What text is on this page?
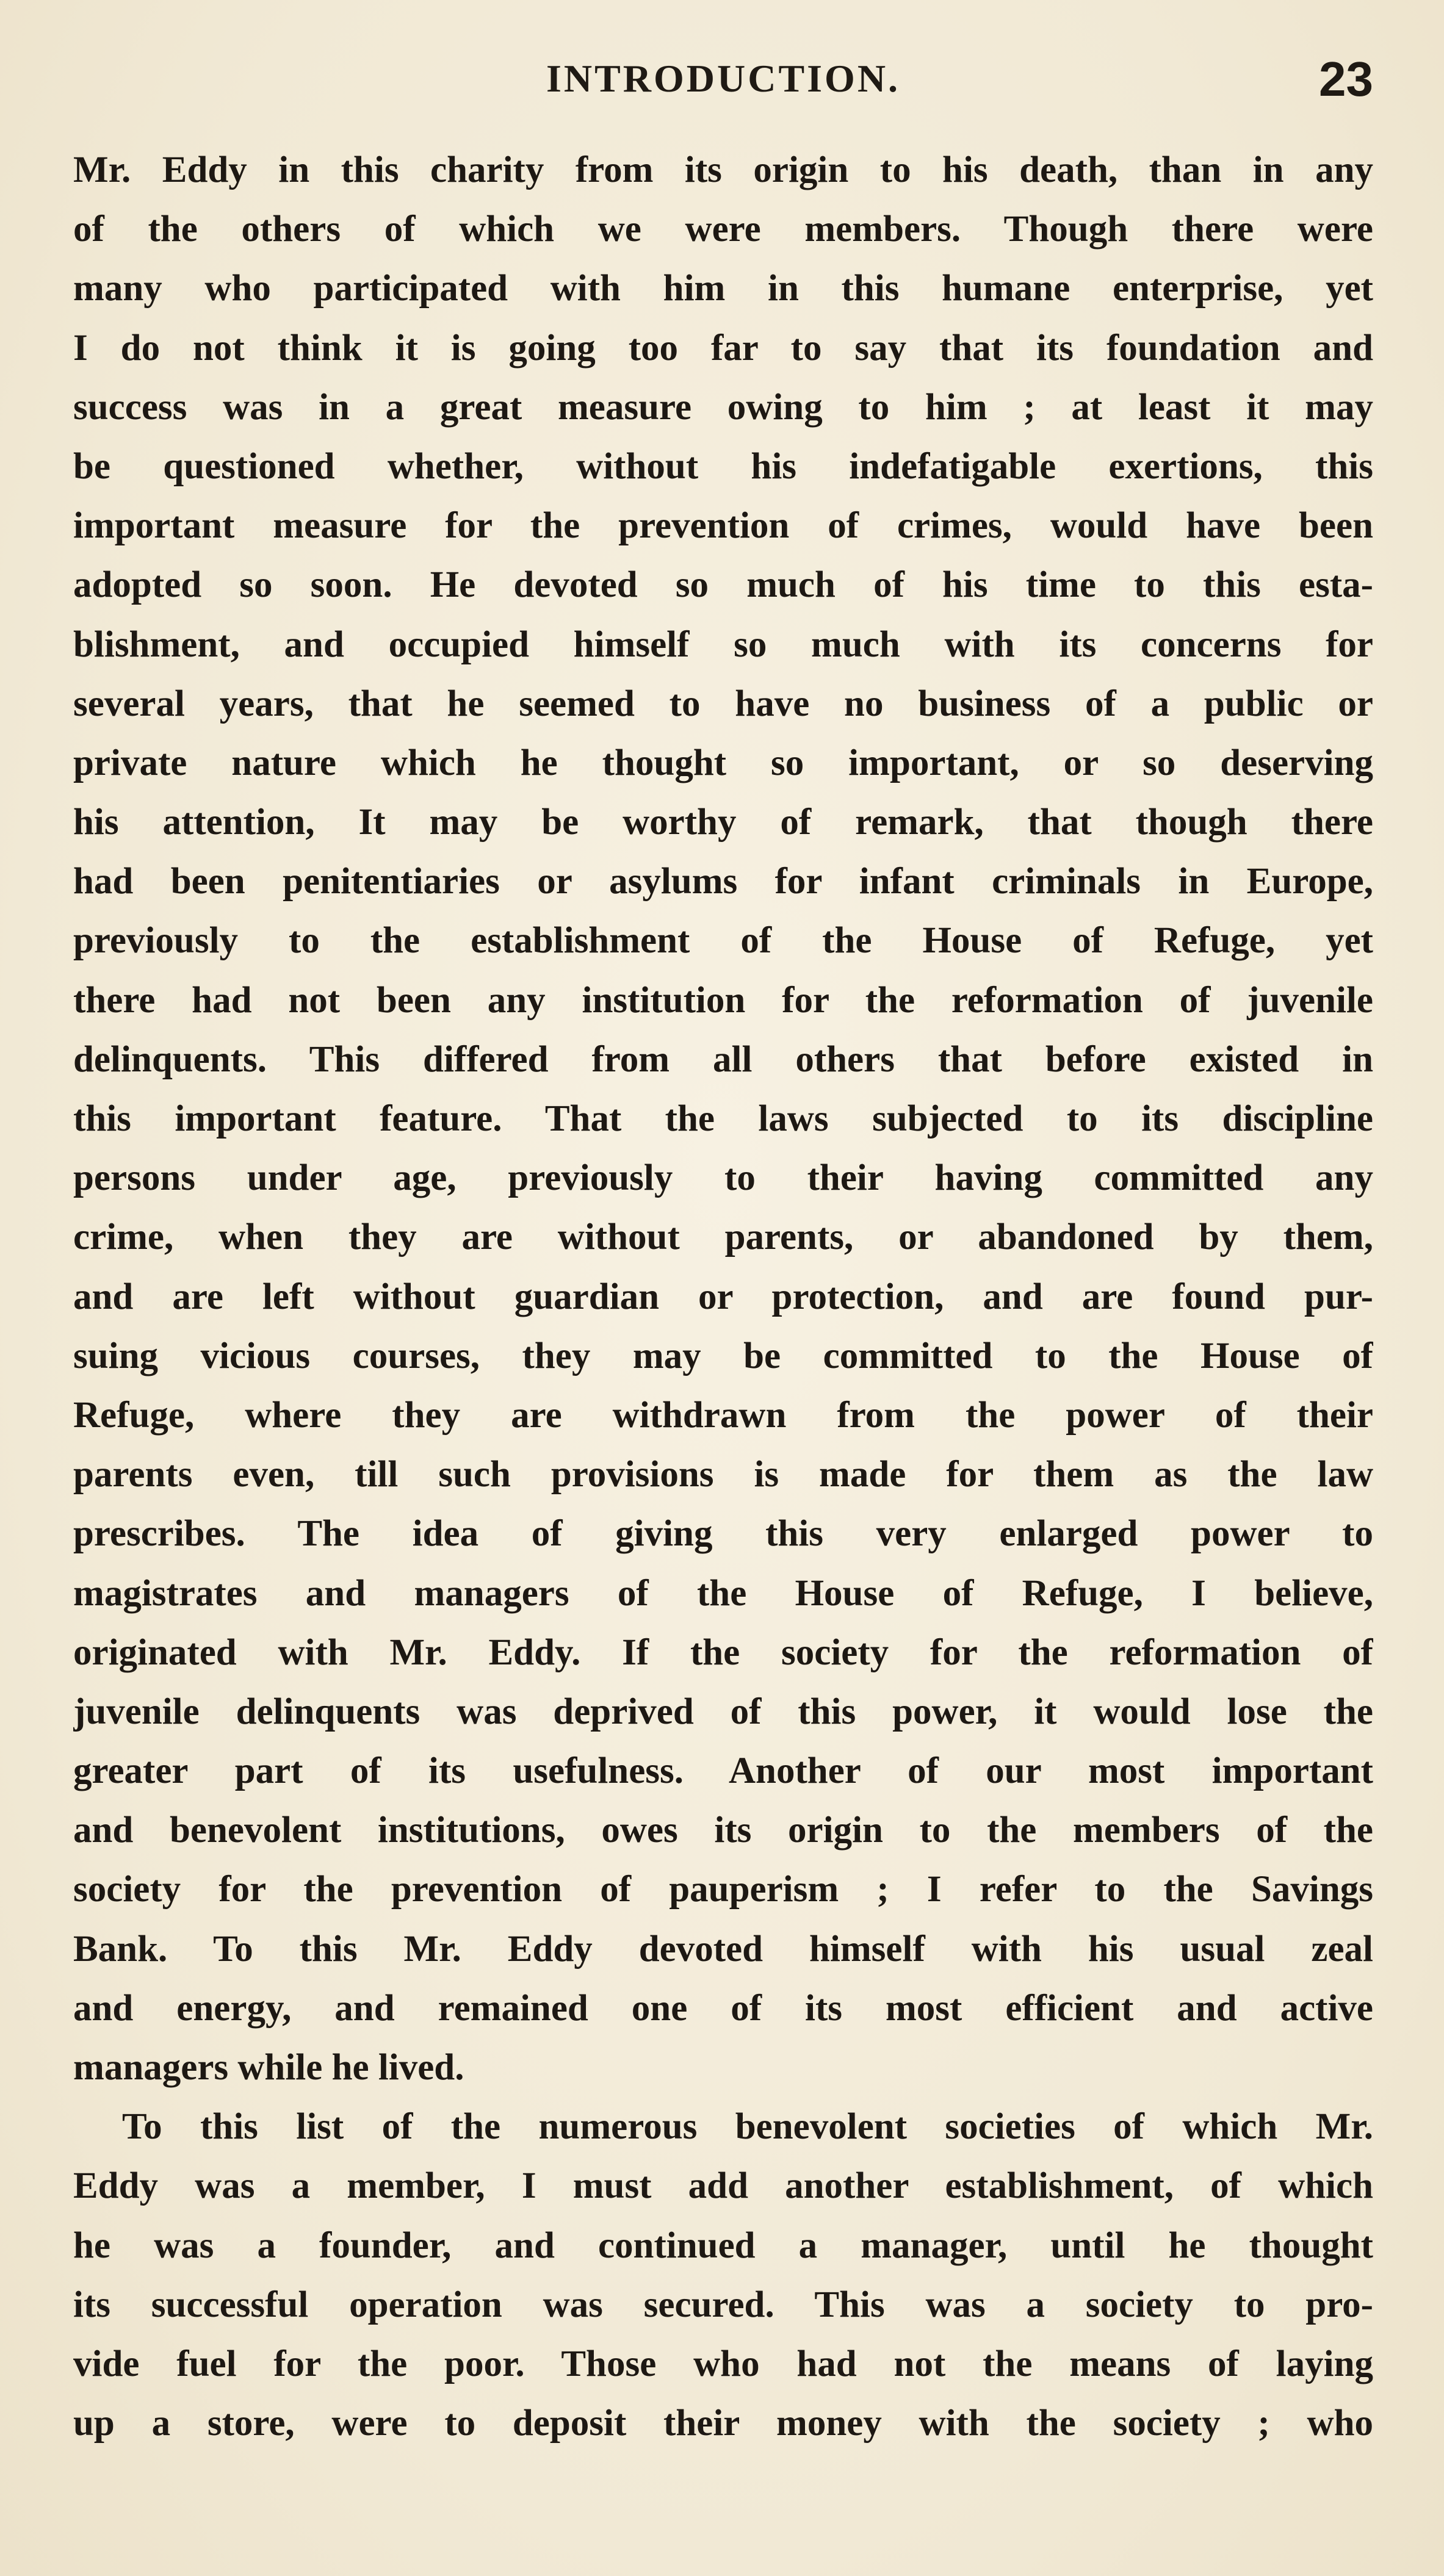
INTRODUCTION.	23
Mr. Eddy in this charity from its origin to his death, than in any
of the others of which we were members. Though there were
many who participated with him in this humane enterprise, yet
I do not think it is going too far to say that its foundation and
success was in a great measure owing to him ; at least it may
be questioned whether, without his indefatigable exertions, this
important measure for the prevention of crimes, would have been
adopted so soon. He devoted so much of his time to this esta-
blishment, and occupied himself so much with its concerns for
several years, that he seemed to have no business of a public or
private nature which he thought so important, or so deserving
his attention, It may be worthy of remark, that though there
had been penitentiaries or asylums for infant criminals in Europe,
previously to the establishment of the House of Refuge, yet
there had not been any institution for the reformation of juvenile
delinquents. This differed from all others that before existed in
this important feature. That the laws subjected to its discipline
persons under age, previously to their having committed any
crime, when they are without parents, or abandoned by them,
and are left without guardian or protection, and are found pur-
suing vicious courses, they may be committed to the House of
Refuge, where they are withdrawn from the power of their
parents even, till such provisions is made for them as the law
prescribes. The idea of giving this very enlarged power to
magistrates and managers of the House of Refuge, I believe,
originated with Mr. Eddy. If the society for the reformation of
juvenile delinquents was deprived of this power, it would lose the
greater part of its usefulness. Another of our most important
and benevolent institutions, owes its origin to the members of the
society for the prevention of pauperism ; I refer to the Savings
Bank. To this Mr. Eddy devoted himself with his usual zeal
and energy, and remained one of its most efficient and active
managers while he lived.
To this list of the numerous benevolent societies of which Mr.
Eddy was a member, I must add another establishment, of which
he was a founder, and continued a manager, until he thought
its successful operation was secured. This was a society to pro-
vide fuel for the poor. Those who had not the means of laying
up a store, were to deposit their money with the society ; who
